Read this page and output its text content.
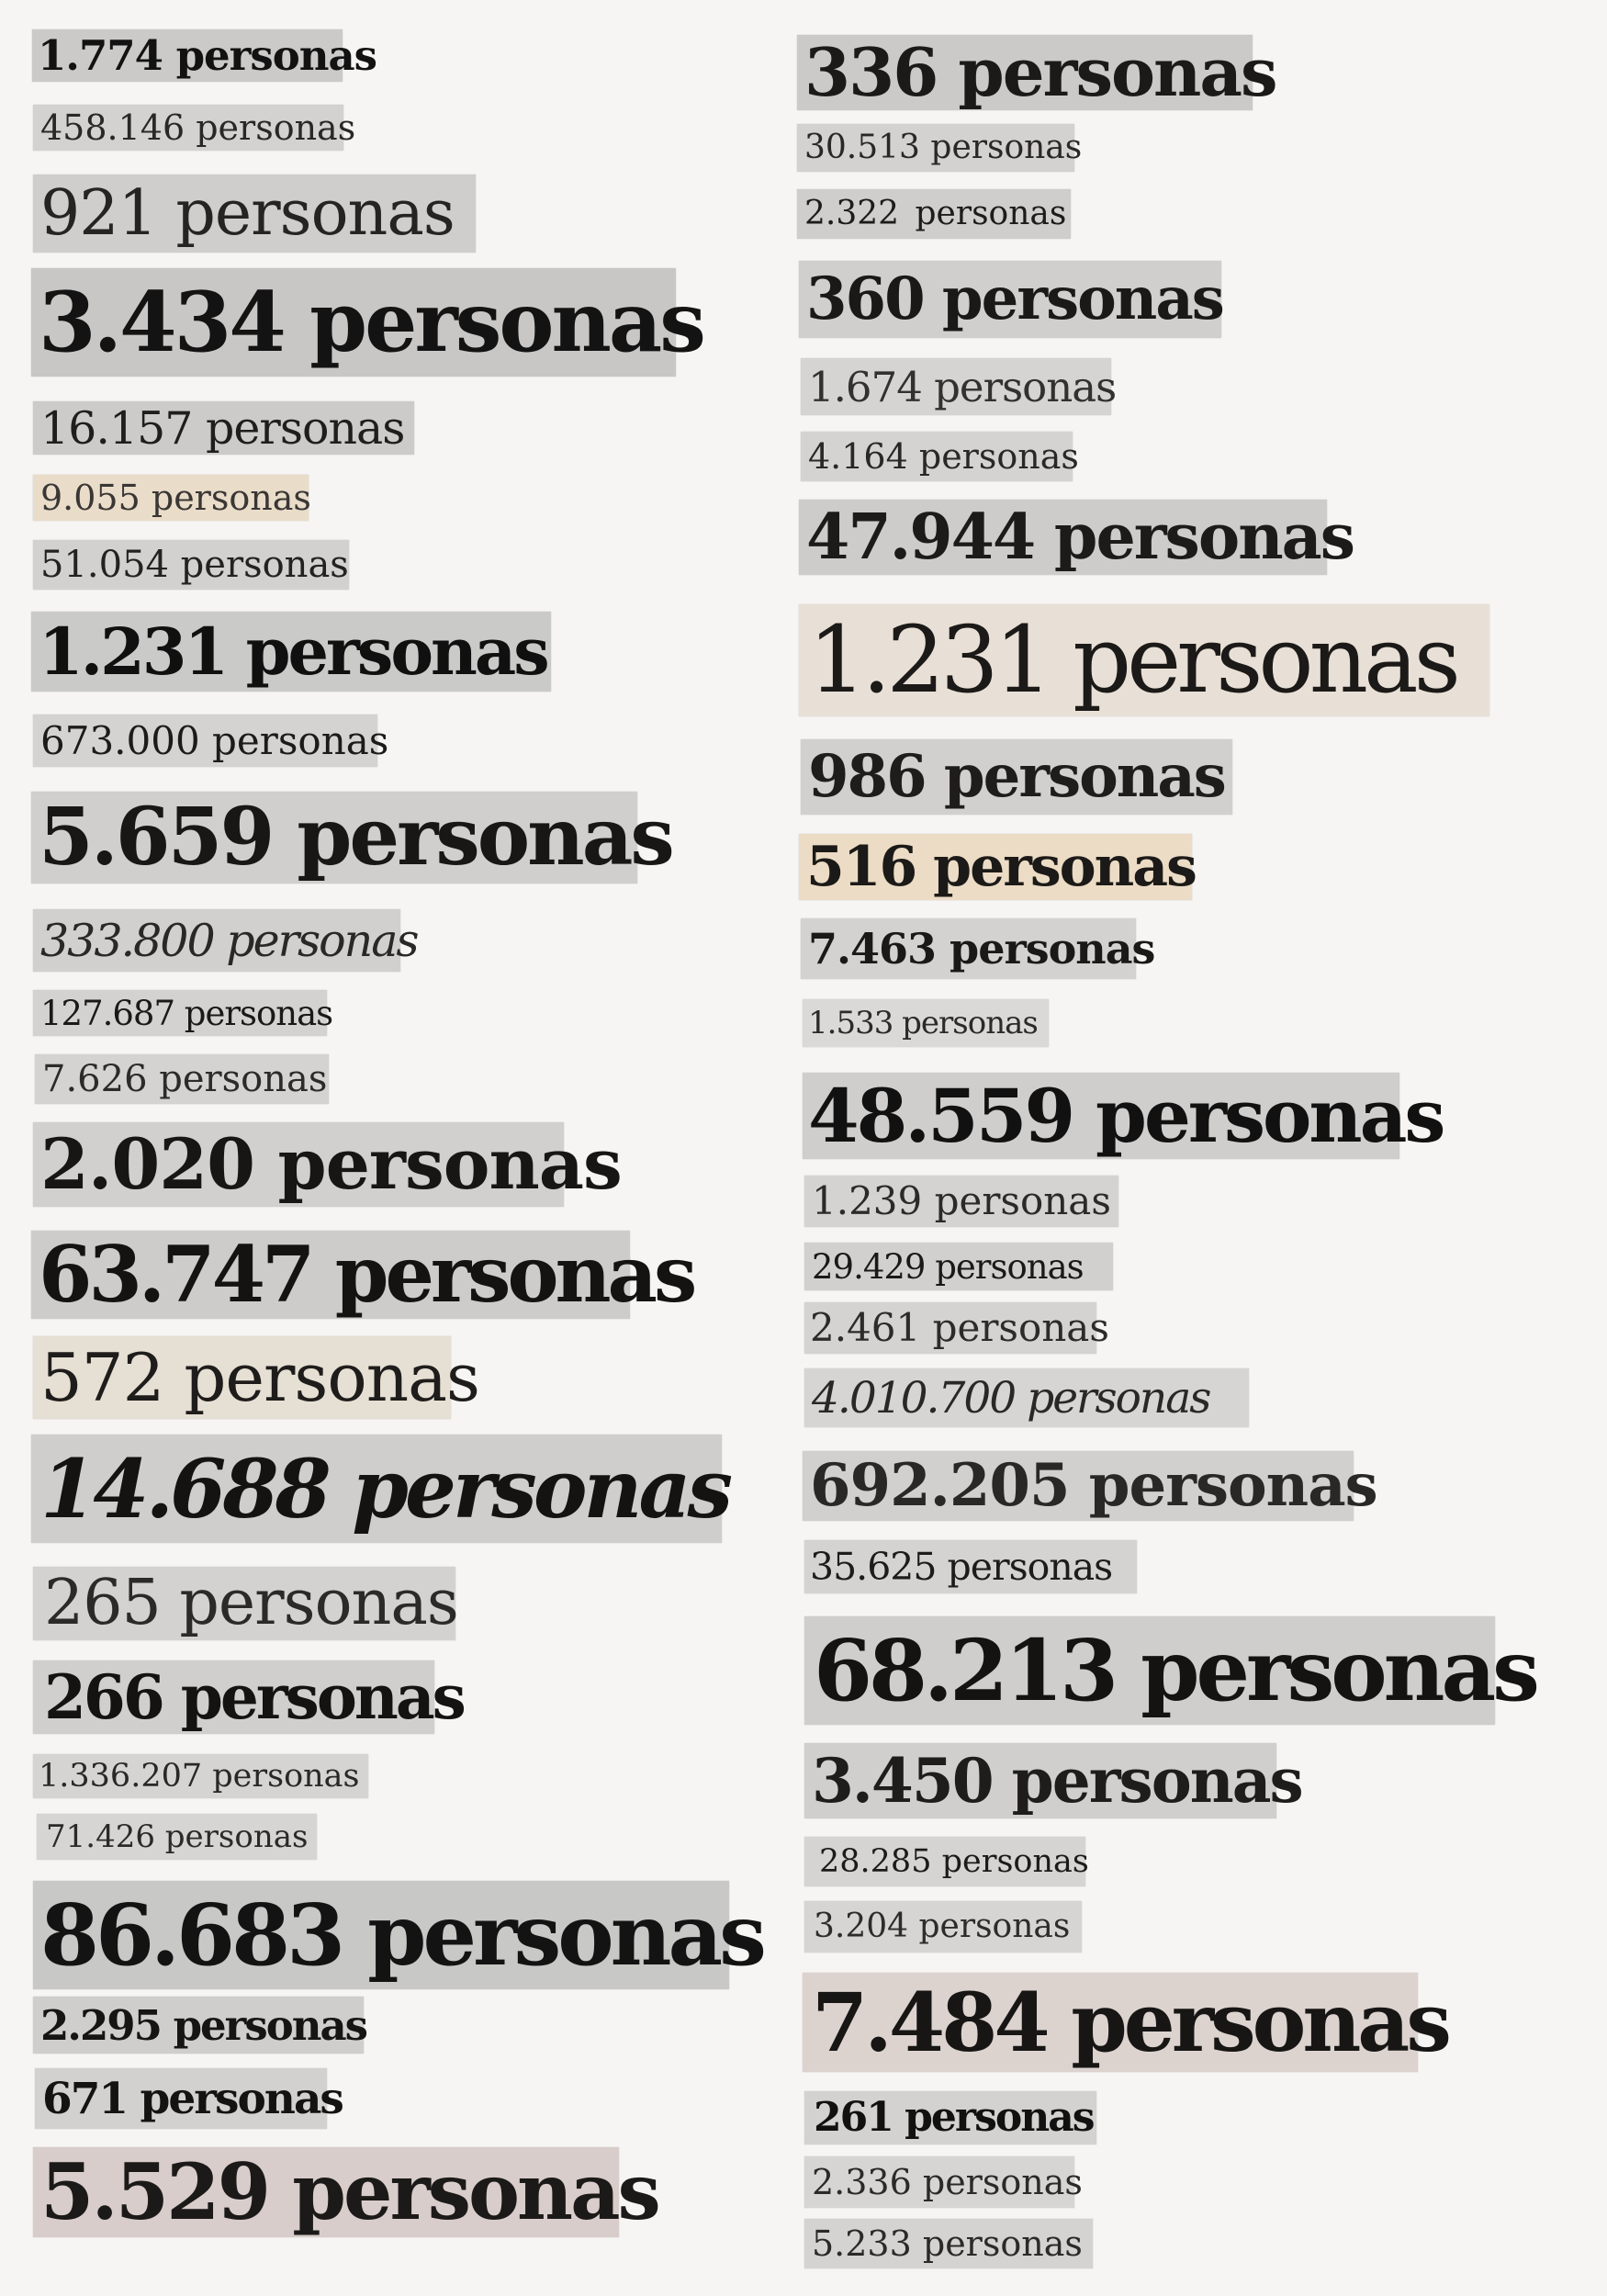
1.774 personas
458.146 personas
921 personas
3.434 personas
16.157 personas
9.055 personas
51.054 personas
1.231 personas
673.000 personas
5.659 personas
333.800 personas
127.687 personas
7.626 personas
2.020 personas
63.747 personas
572 personas
14.688 personas
265 personas
266 personas
1.336.207 personas
71.426 personas
86.683 personas
2.295 personas
671 personas
5.529 personas
336 personas
30.513 personas
2.322 personas
360 personas
1.674 personas
4.164 personas
47.944 personas
1.231 personas
986 personas
516 personas
7.463 personas
1.533 personas
48.559 personas
1.239 personas
29.429 personas
2.461 personas
4.010.700 personas
692.205 personas
35.625 personas
68.213 personas
3.450 personas
28.285 personas
3.204 personas
7.484 personas
261 personas
2.336 personas
5.233 personas
